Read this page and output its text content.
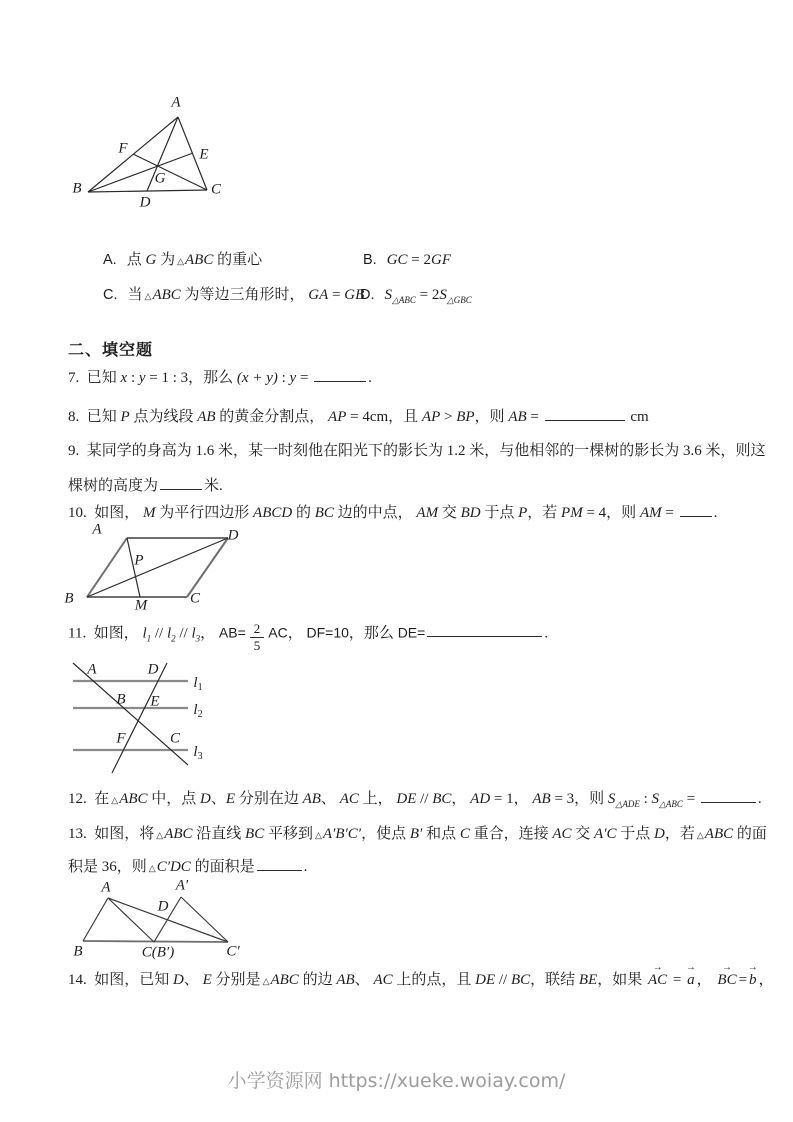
A
F	E
B
G
C
D

A. 点 G 为 △ABC 的重心
	B. GC = 2GF

C. 当 △ABC 为等边三角形时， GA = GB

D. $S_{\triangle ABC} = 2S_{\triangle GBC}$

二、填空题
7.  已知 x : y = 1 : 3，那么 (x + y) : y =	.
8.  已知 P 点为线段 AB 的黄金分割点， AP = 4cm，且 AP > BP，则 AB =	cm
9.  某同学的身高为 1.6 米，某一时刻他在阳光下的影长为 1.2 米，与他相邻的一棵树的影长为 3.6 米，则这
棵树的高度为	米.
10.  如图， M 为平行四边形 ABCD 的 BC 边的中点， AM 交 BD 于点 P，若 PM = 4，则 AM = .
A	D
P
B	C
M
11.  如图， $l_1 // l_2 // l_3$， $AB= \frac{2}{5}$ AC， DF=10，那么 DE=	.
A	D
B E
F	C
$l_1$
$l_2$
$l_3$
12.  在 △ABC 中，点 D、E 分别在边 AB、 AC 上， DE // BC， AD = 1， AB = 3，则 $S_{\triangle ADE}$ : $S_{\triangle ABC}$ =	.
13.  如图，将 △ABC 沿直线 BC 平移到 △A′B′C′，使点 B′ 和点 C 重合，连接 AC 交 A′C 于点 D，若 △ABC 的面
积是 36，则 △C′DC 的面积是	.
A	A′
D
B	C(B′)	C′
14.  如图，已知 D、 E 分别是 △ABC 的边 AB、 AC 上的点，且 DE // BC，联结 BE，如果 AC → = a → ， BC → = b → ，
小学资源网 https://xueke.woiay.com/
